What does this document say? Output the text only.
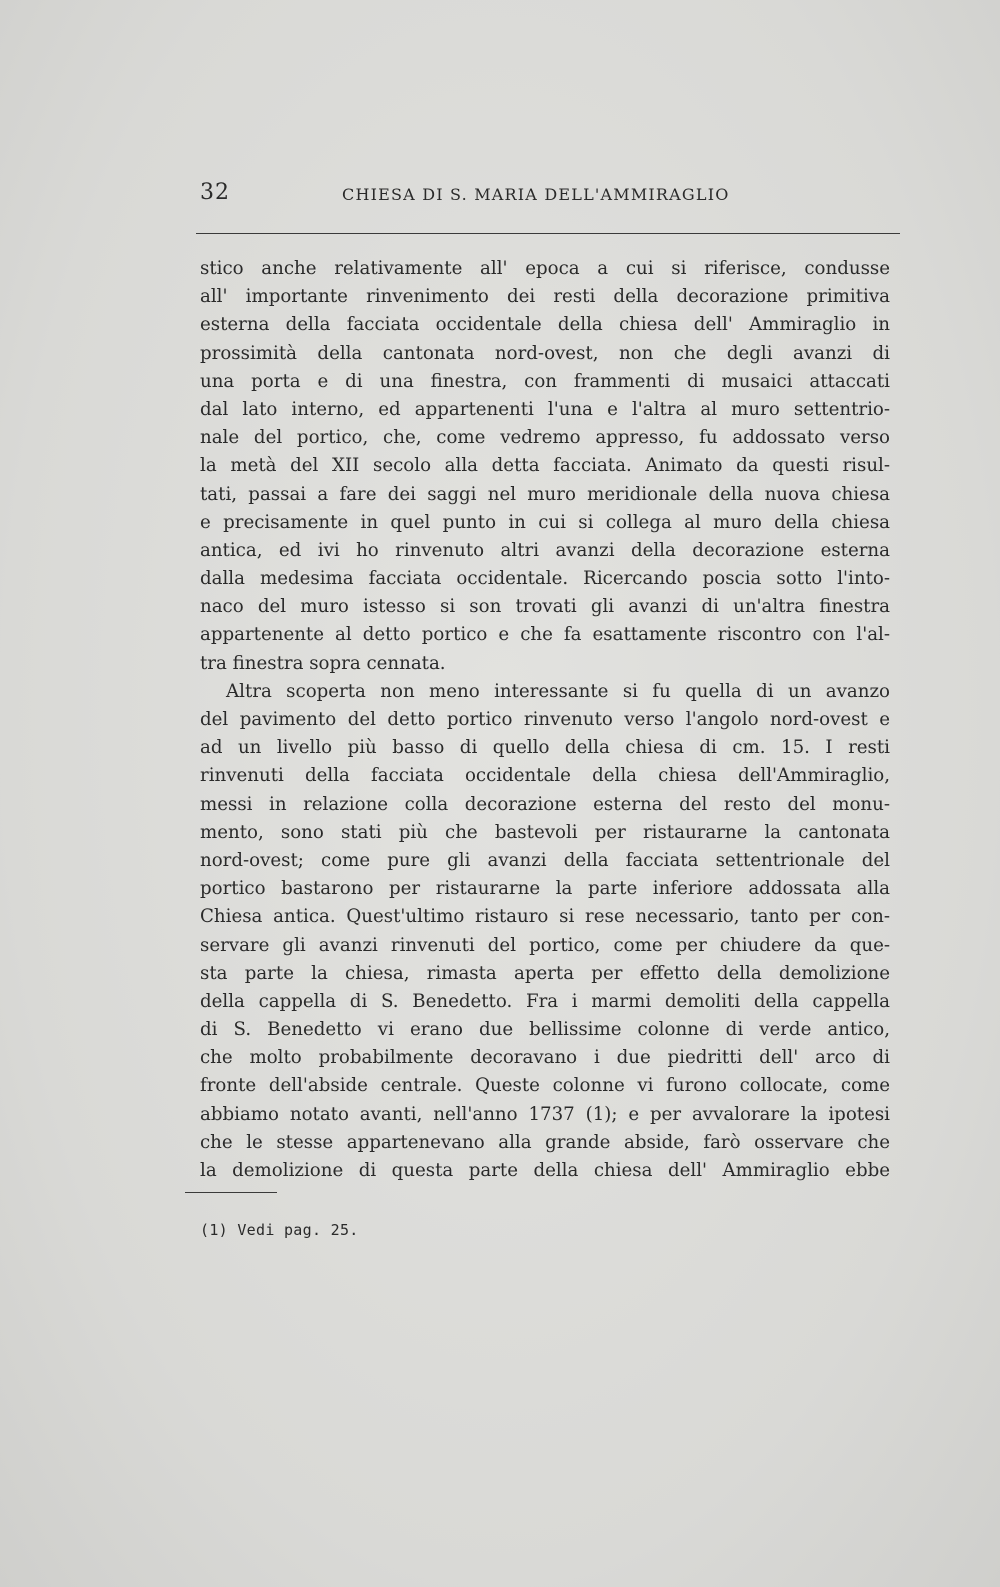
32	CHIESA DI S. MARIA DELL'AMMIRAGLIO
stico anche relativamente all' epoca a cui si riferisce, condusse
all' importante rinvenimento dei resti della decorazione primitiva
esterna della facciata occidentale della chiesa dell' Ammiraglio in
prossimità della cantonata nord-ovest, non che degli avanzi di
una porta e di una finestra, con frammenti di musaici attaccati
dal lato interno, ed appartenenti l'una e l'altra al muro settentrio-
nale del portico, che, come vedremo appresso, fu addossato verso
la metà del XII secolo alla detta facciata. Animato da questi risul-
tati, passai a fare dei saggi nel muro meridionale della nuova chiesa
e precisamente in quel punto in cui si collega al muro della chiesa
antica, ed ivi ho rinvenuto altri avanzi della decorazione esterna
dalla medesima facciata occidentale. Ricercando poscia sotto l'into-
naco del muro istesso si son trovati gli avanzi di un'altra finestra
appartenente al detto portico e che fa esattamente riscontro con l'al-
tra finestra sopra cennata.
Altra scoperta non meno interessante si fu quella di un avanzo
del pavimento del detto portico rinvenuto verso l'angolo nord-ovest e
ad un livello più basso di quello della chiesa di cm. 15. I resti
rinvenuti della facciata occidentale della chiesa dell'Ammiraglio,
messi in relazione colla decorazione esterna del resto del monu-
mento, sono stati più che bastevoli per ristaurarne la cantonata
nord-ovest; come pure gli avanzi della facciata settentrionale del
portico bastarono per ristaurarne la parte inferiore addossata alla
Chiesa antica. Quest'ultimo ristauro si rese necessario, tanto per con-
servare gli avanzi rinvenuti del portico, come per chiudere da que-
sta parte la chiesa, rimasta aperta per effetto della demolizione
della cappella di S. Benedetto. Fra i marmi demoliti della cappella
di S. Benedetto vi erano due bellissime colonne di verde antico,
che molto probabilmente decoravano i due piedritti dell' arco di
fronte dell'abside centrale. Queste colonne vi furono collocate, come
abbiamo notato avanti, nell'anno 1737 (1); e per avvalorare la ipotesi
che le stesse appartenevano alla grande abside, farò osservare che
la demolizione di questa parte della chiesa dell' Ammiraglio ebbe
(1) Vedi pag. 25.
